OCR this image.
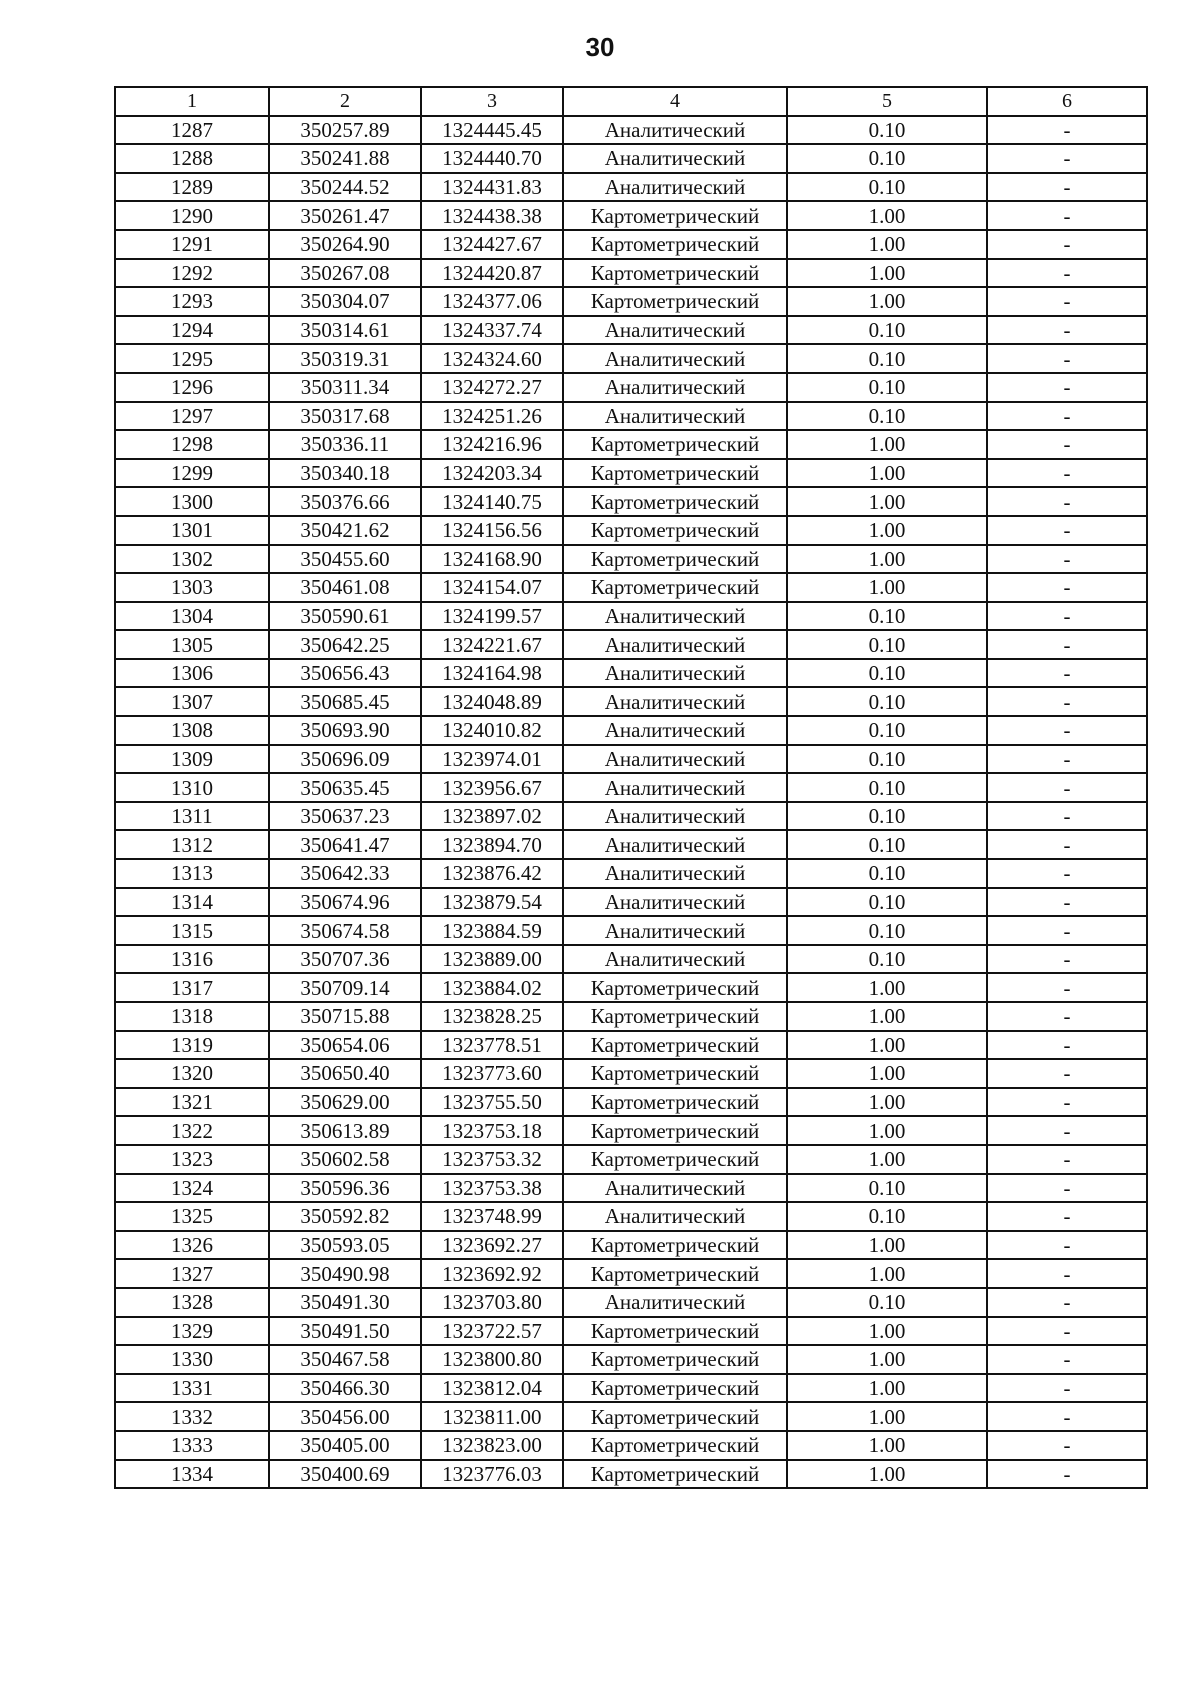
30
1	2	3	4	5	6
1287	350257.89	1324445.45	Аналитический	0.10	-
1288	350241.88	1324440.70	Аналитический	0.10	-
1289	350244.52	1324431.83	Аналитический	0.10	-
1290	350261.47	1324438.38	Картометрический	1.00	-
1291	350264.90	1324427.67	Картометрический	1.00	-
1292	350267.08	1324420.87	Картометрический	1.00	-
1293	350304.07	1324377.06	Картометрический	1.00	-
1294	350314.61	1324337.74	Аналитический	0.10	-
1295	350319.31	1324324.60	Аналитический	0.10	-
1296	350311.34	1324272.27	Аналитический	0.10	-
1297	350317.68	1324251.26	Аналитический	0.10	-
1298	350336.11	1324216.96	Картометрический	1.00	-
1299	350340.18	1324203.34	Картометрический	1.00	-
1300	350376.66	1324140.75	Картометрический	1.00	-
1301	350421.62	1324156.56	Картометрический	1.00	-
1302	350455.60	1324168.90	Картометрический	1.00	-
1303	350461.08	1324154.07	Картометрический	1.00	-
1304	350590.61	1324199.57	Аналитический	0.10	-
1305	350642.25	1324221.67	Аналитический	0.10	-
1306	350656.43	1324164.98	Аналитический	0.10	-
1307	350685.45	1324048.89	Аналитический	0.10	-
1308	350693.90	1324010.82	Аналитический	0.10	-
1309	350696.09	1323974.01	Аналитический	0.10	-
1310	350635.45	1323956.67	Аналитический	0.10	-
1311	350637.23	1323897.02	Аналитический	0.10	-
1312	350641.47	1323894.70	Аналитический	0.10	-
1313	350642.33	1323876.42	Аналитический	0.10	-
1314	350674.96	1323879.54	Аналитический	0.10	-
1315	350674.58	1323884.59	Аналитический	0.10	-
1316	350707.36	1323889.00	Аналитический	0.10	-
1317	350709.14	1323884.02	Картометрический	1.00	-
1318	350715.88	1323828.25	Картометрический	1.00	-
1319	350654.06	1323778.51	Картометрический	1.00	-
1320	350650.40	1323773.60	Картометрический	1.00	-
1321	350629.00	1323755.50	Картометрический	1.00	-
1322	350613.89	1323753.18	Картометрический	1.00	-
1323	350602.58	1323753.32	Картометрический	1.00	-
1324	350596.36	1323753.38	Аналитический	0.10	-
1325	350592.82	1323748.99	Аналитический	0.10	-
1326	350593.05	1323692.27	Картометрический	1.00	-
1327	350490.98	1323692.92	Картометрический	1.00	-
1328	350491.30	1323703.80	Аналитический	0.10	-
1329	350491.50	1323722.57	Картометрический	1.00	-
1330	350467.58	1323800.80	Картометрический	1.00	-
1331	350466.30	1323812.04	Картометрический	1.00	-
1332	350456.00	1323811.00	Картометрический	1.00	-
1333	350405.00	1323823.00	Картометрический	1.00	-
1334	350400.69	1323776.03	Картометрический	1.00	-
